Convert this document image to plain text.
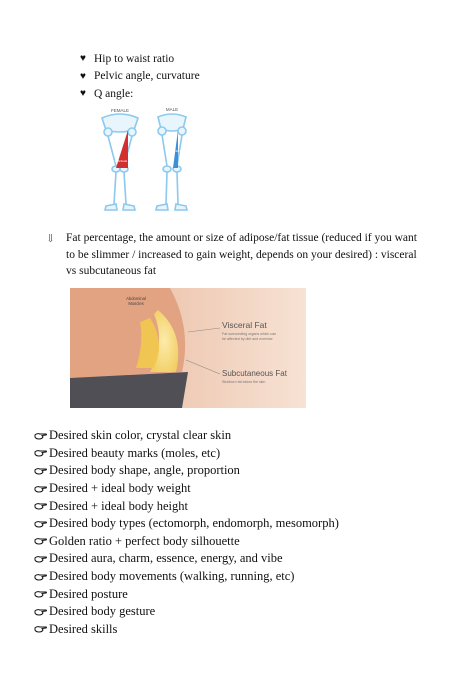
♥ Hip to waist ratio
♥ Pelvic angle, curvature
♥ Q angle:
FEMALE	MALE
Q ANGLE
Q ANGLE
⇓ Fat percentage, the amount or size of adipose/fat tissue (reduced if you want to be slimmer / increased to gain weight, depends on your desired) : visceral vs subcutaneous fat
Abdominal
Muscles
Visceral Fat
Fat surrounding organs which can
be affected by diet and exercise
Subcutaneous Fat
Stubborn fat below the skin
Desired skin color, crystal clear skin
Desired beauty marks (moles, etc)
Desired body shape, angle, proportion
Desired + ideal body weight
Desired + ideal body height
Desired body types (ectomorph, endomorph, mesomorph)
Golden ratio + perfect body silhouette
Desired aura, charm, essence, energy, and vibe
Desired body movements (walking, running, etc)
Desired posture
Desired body gesture
Desired skills
